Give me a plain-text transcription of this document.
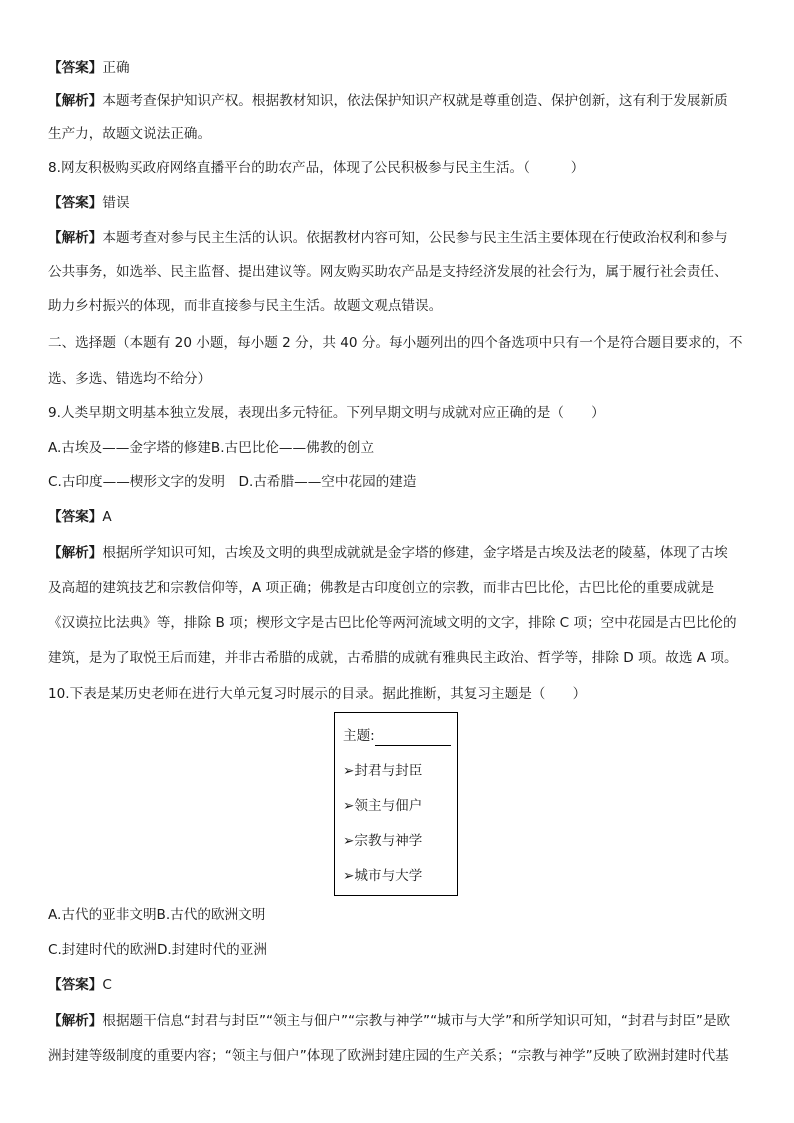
【答案】正确
【解析】本题考查保护知识产权。根据教材知识，依法保护知识产权就是尊重创造、保护创新，这有利于发展新质
生产力，故题文说法正确。
8.网友积极购买政府网络直播平台的助农产品，体现了公民积极参与民主生活。（　　　）
【答案】错误
【解析】本题考查对参与民主生活的认识。依据教材内容可知，公民参与民主生活主要体现在行使政治权利和参与
公共事务，如选举、民主监督、提出建议等。网友购买助农产品是支持经济发展的社会行为，属于履行社会责任、
助力乡村振兴的体现，而非直接参与民主生活。故题文观点错误。
二、选择题（本题有 20 小题，每小题 2 分，共 40 分。每小题列出的四个备选项中只有一个是符合题目要求的，不
选、多选、错选均不给分）
9.人类早期文明基本独立发展，表现出多元特征。下列早期文明与成就对应正确的是（　　）
A.古埃及——金字塔的修建B.古巴比伦——佛教的创立
C.古印度——楔形文字的发明　D.古希腊——空中花园的建造
【答案】A
【解析】根据所学知识可知，古埃及文明的典型成就就是金字塔的修建，金字塔是古埃及法老的陵墓，体现了古埃
及高超的建筑技艺和宗教信仰等，A 项正确；佛教是古印度创立的宗教，而非古巴比伦，古巴比伦的重要成就是
《汉谟拉比法典》等，排除 B 项；楔形文字是古巴比伦等两河流域文明的文字，排除 C 项；空中花园是古巴比伦的
建筑，是为了取悦王后而建，并非古希腊的成就，古希腊的成就有雅典民主政治、哲学等，排除 D 项。故选 A 项。
10.下表是某历史老师在进行大单元复习时展示的目录。据此推断，其复习主题是（　　）
主题:
➢封君与封臣
➢领主与佃户
➢宗教与神学
➢城市与大学
A.古代的亚非文明B.古代的欧洲文明
C.封建时代的欧洲D.封建时代的亚洲
【答案】C
【解析】根据题干信息“封君与封臣”“领主与佃户”“宗教与神学”“城市与大学”和所学知识可知，“封君与封臣”是欧
洲封建等级制度的重要内容；“领主与佃户”体现了欧洲封建庄园的生产关系；“宗教与神学”反映了欧洲封建时代基
